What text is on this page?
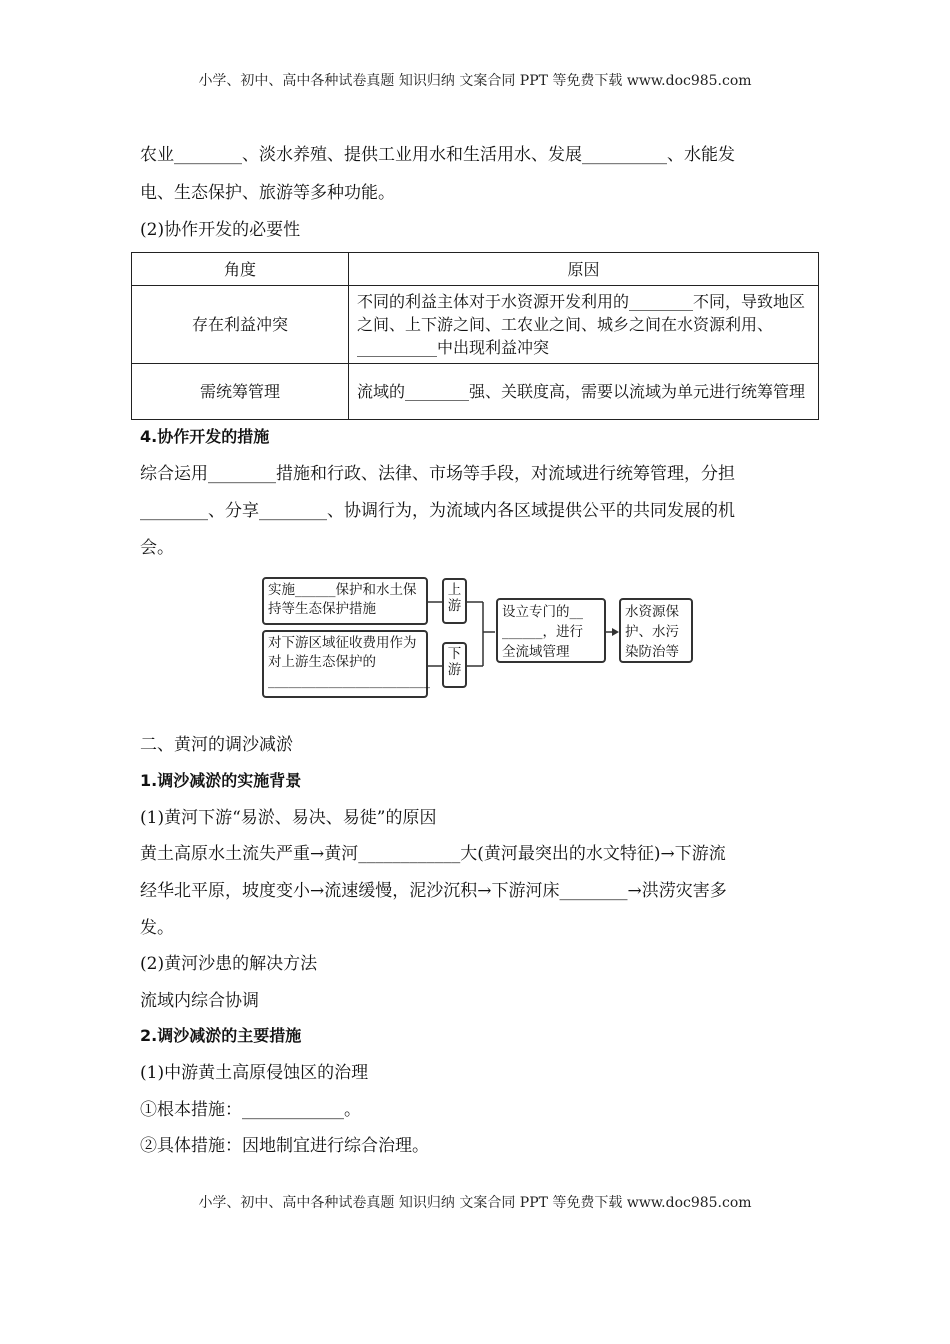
小学、初中、高中各种试卷真题 知识归纳 文案合同 PPT 等免费下载 www.doc985.com
农业________、淡水养殖、提供工业用水和生活用水、发展__________、水能发
电、生态保护、旅游等多种功能。
(2)协作开发的必要性
角度	原因
存在利益冲突	不同的利益主体对于水资源开发利用的________不同，导致地区之间、上下游之间、工农业之间、城乡之间在水资源利用、__________中出现利益冲突
需统筹管理	流域的________强、关联度高，需要以流域为单元进行统筹管理
4.协作开发的措施
综合运用________措施和行政、法律、市场等手段，对流域进行统筹管理，分担
________、分享________、协调行为，为流域内各区域提供公平的共同发展的机
会。
实施______保护和水土保持等生态保护措施
对下游区域征收费用作为对上游生态保护的
________________________
上游
下游
设立专门的__
______，进行
全流域管理
水资源保护、水污染防治等
二、黄河的调沙减淤
1.调沙减淤的实施背景
(1)黄河下游“易淤、易决、易徙”的原因
黄土高原水土流失严重→黄河____________大(黄河最突出的水文特征)→下游流
经华北平原，坡度变小→流速缓慢，泥沙沉积→下游河床________→洪涝灾害多
发。
(2)黄河沙患的解决方法
流域内综合协调
2.调沙减淤的主要措施
(1)中游黄土高原侵蚀区的治理
①根本措施：____________。
②具体措施：因地制宜进行综合治理。
小学、初中、高中各种试卷真题 知识归纳 文案合同 PPT 等免费下载 www.doc985.com
